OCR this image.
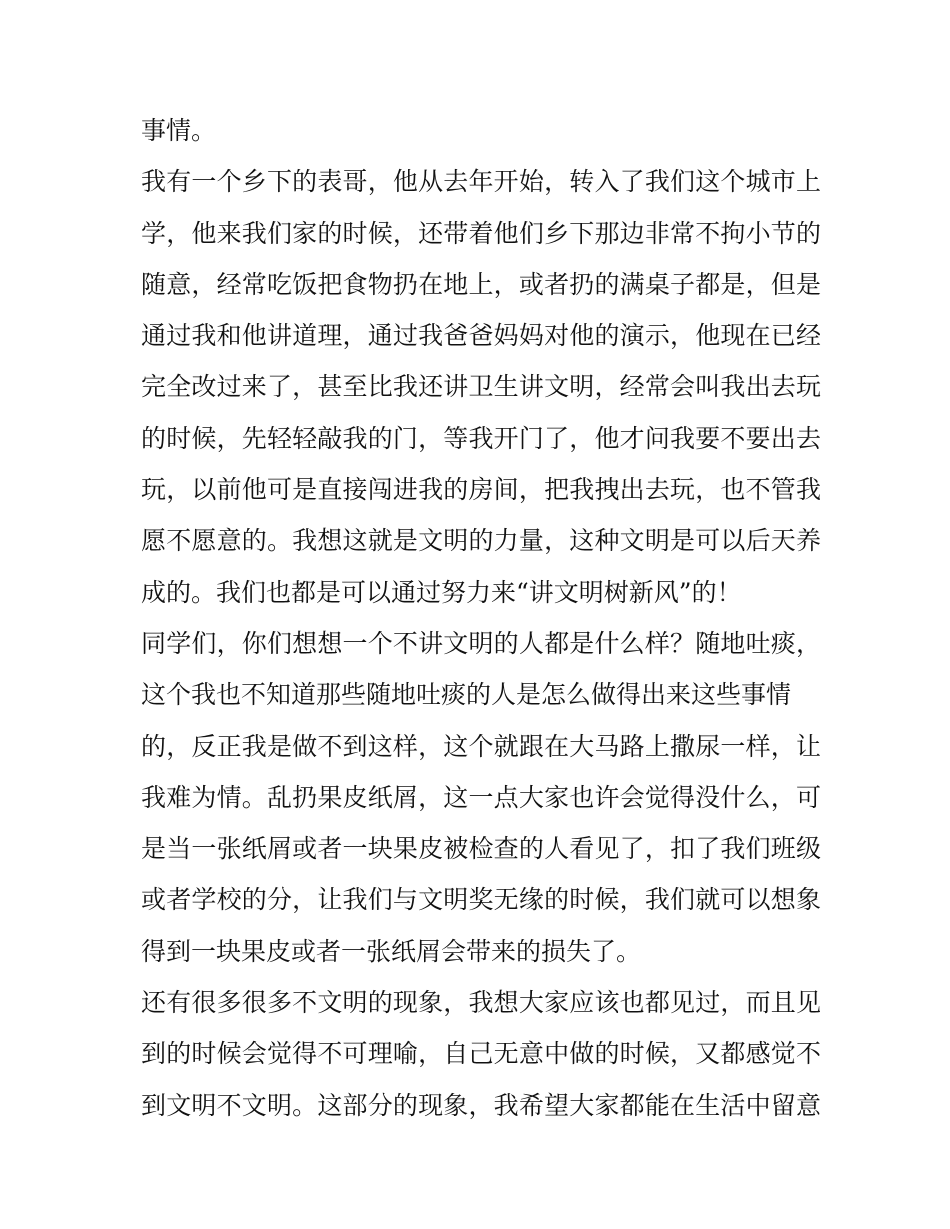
事情。
我有一个乡下的表哥，他从去年开始，转入了我们这个城市上
学，他来我们家的时候，还带着他们乡下那边非常不拘小节的
随意，经常吃饭把食物扔在地上，或者扔的满桌子都是，但是
通过我和他讲道理，通过我爸爸妈妈对他的演示，他现在已经
完全改过来了，甚至比我还讲卫生讲文明，经常会叫我出去玩
的时候，先轻轻敲我的门，等我开门了，他才问我要不要出去
玩，以前他可是直接闯进我的房间，把我拽出去玩，也不管我
愿不愿意的。我想这就是文明的力量，这种文明是可以后天养
成的。我们也都是可以通过努力来“讲文明树新风”的！
同学们，你们想想一个不讲文明的人都是什么样？随地吐痰，
这个我也不知道那些随地吐痰的人是怎么做得出来这些事情
的，反正我是做不到这样，这个就跟在大马路上撒尿一样，让
我难为情。乱扔果皮纸屑，这一点大家也许会觉得没什么，可
是当一张纸屑或者一块果皮被检查的人看见了，扣了我们班级
或者学校的分，让我们与文明奖无缘的时候，我们就可以想象
得到一块果皮或者一张纸屑会带来的损失了。
还有很多很多不文明的现象，我想大家应该也都见过，而且见
到的时候会觉得不可理喻，自己无意中做的时候，又都感觉不
到文明不文明。这部分的现象，我希望大家都能在生活中留意
